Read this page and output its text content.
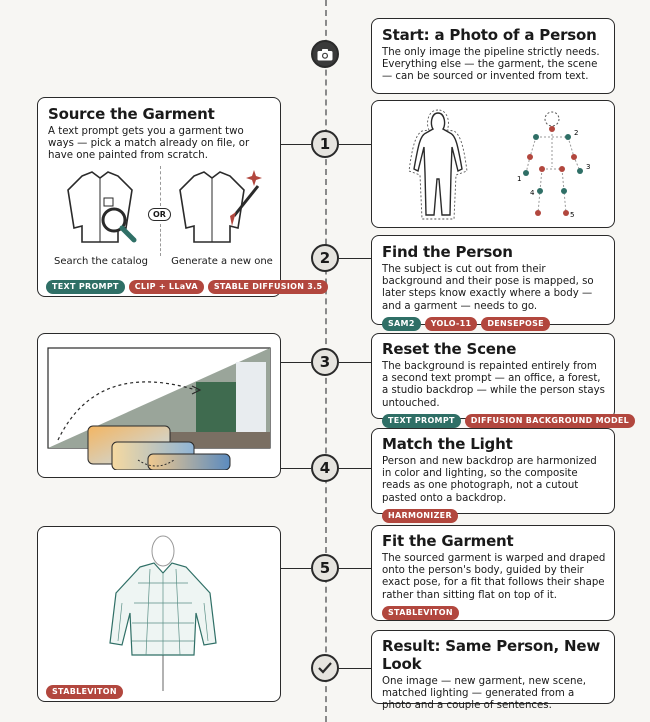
1
2
3
4
5
Start: a Photo of a Person
The only image the pipeline strictly needs. Everything else — the garment, the scene — can be sourced or invented from text.
Source the Garment
A text prompt gets you a garment two ways — pick a match already on file, or have one painted from scratch.
OR
Search the catalog	Generate a new one
TEXT PROMPT	CLIP + LLaVA	STABLE DIFFUSION 3.5
1
2
3
4
5
Find the Person
The subject is cut out from their background and their pose is mapped, so later steps know exactly where a body — and a garment — needs to go.
SAM2	YOLO-11	DENSEPOSE
Reset the Scene
The background is repainted entirely from a second text prompt — an office, a forest, a studio backdrop — while the person stays untouched.
TEXT PROMPT	DIFFUSION BACKGROUND MODEL
Match the Light
Person and new backdrop are harmonized in color and lighting, so the composite reads as one photograph, not a cutout pasted onto a backdrop.
HARMONIZER
STABLEVITON
Fit the Garment
The sourced garment is warped and draped onto the person's body, guided by their exact pose, for a fit that follows their shape rather than sitting flat on top of it.
STABLEVITON
Result: Same Person, New Look
One image — new garment, new scene, matched lighting — generated from a photo and a couple of sentences.
